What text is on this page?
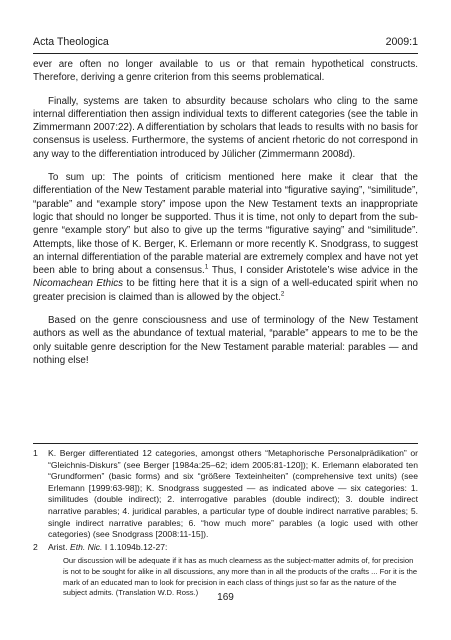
Acta Theologica	2009:1

ever are often no longer available to us or that remain hypothetical constructs. Therefore, deriving a genre criterion from this seems problematical.

Finally, systems are taken to absurdity because scholars who cling to the same internal differentiation then assign individual texts to different categories (see the table in Zimmermann 2007:22). A differentiation by scholars that leads to results with no basis for consensus is useless. Furthermore, the systems of ancient rhetoric do not correspond in any way to the differentiation introduced by Jülicher (Zimmermann 2008d).

To sum up: The points of criticism mentioned here make it clear that the differentiation of the New Testament parable material into “figurative saying”, “similitude”, “parable” and “example story” impose upon the New Testament texts an inappropriate logic that should no longer be supported. Thus it is time, not only to depart from the sub-genre “example story” but also to give up the terms “figurative saying” and “similitude”. Attempts, like those of K. Berger, K. Erlemann or more recently K. Snodgrass, to suggest an internal differentiation of the parable material are extremely complex and have not yet been able to bring about a consensus.$^1$ Thus, I consider Aristotele’s wise advice in the Nicomachean Ethics to be fitting here that it is a sign of a well-educated spirit when no greater precision is claimed than is allowed by the object.$^2$

Based on the genre consciousness and use of terminology of the New Testament authors as well as the abundance of textual material, “parable” appears to me to be the only suitable genre description for the New Testament parable material: parables — and nothing else!

1	K. Berger differentiated 12 categories, amongst others “Metaphorische Personalprädikation” or “Gleichnis-Diskurs” (see Berger [1984a:25–62; idem 2005:81-120]); K. Erlemann elaborated ten “Grundformen” (basic forms) and six “größere Texteinheiten” (comprehensive text units) (see Erlemann [1999:63-98]); K. Snodgrass suggested — as indicated above — six categories: 1. similitudes (double indirect); 2. interrogative parables (double indirect); 3. double indirect narrative parables; 4. juridical parables, a particular type of double indirect narrative parables; 5. single indirect narrative parables; 6. “how much more” parables (a logic used with other categories) (see Snodgrass [2008:11-15]).
2	Arist. Eth. Nic. I 1.1094b.12-27:
Our discussion will be adequate if it has as much clearness as the subject-matter admits of, for precision is not to be sought for alike in all discussions, any more than in all the products of the crafts ... For it is the mark of an educated man to look for precision in each class of things just so far as the nature of the subject admits. (Translation W.D. Ross.)	169
